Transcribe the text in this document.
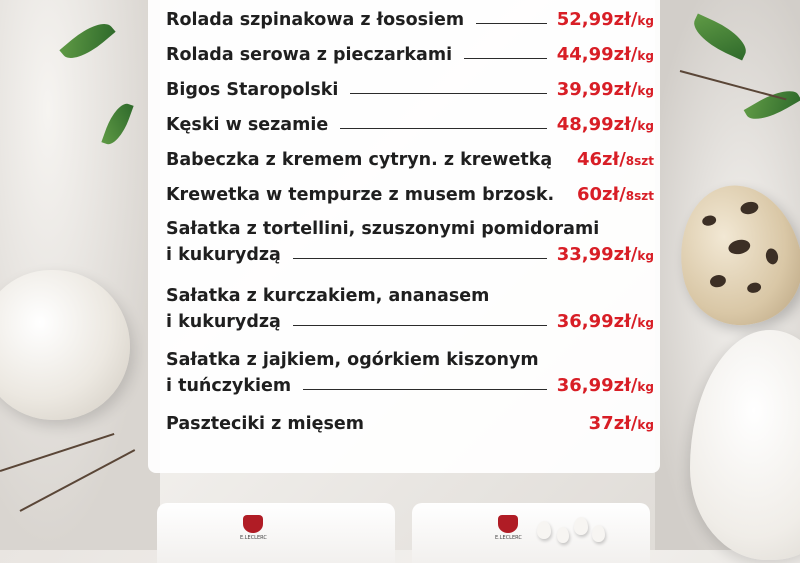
Rolada szpinakowa z łososiem	52,99zł/kg
Rolada serowa z pieczarkami	44,99zł/kg
Bigos Staropolski	39,99zł/kg
Kęski w sezamie	48,99zł/kg
Babeczka z kremem cytryn. z krewetką 46zł/8szt
Krewetka w tempurze z musem brzosk. 60zł/8szt
Sałatka z tortellini, szuszonymi pomidorami
i kukurydzą	33,99zł/kg
Sałatka z kurczakiem, ananasem
i kukurydzą	36,99zł/kg
Sałatka z jajkiem, ogórkiem kiszonym
i tuńczykiem	36,99zł/kg
Paszteciki z mięsem	37zł/kg
E.LECLERC	E.LECLERC
